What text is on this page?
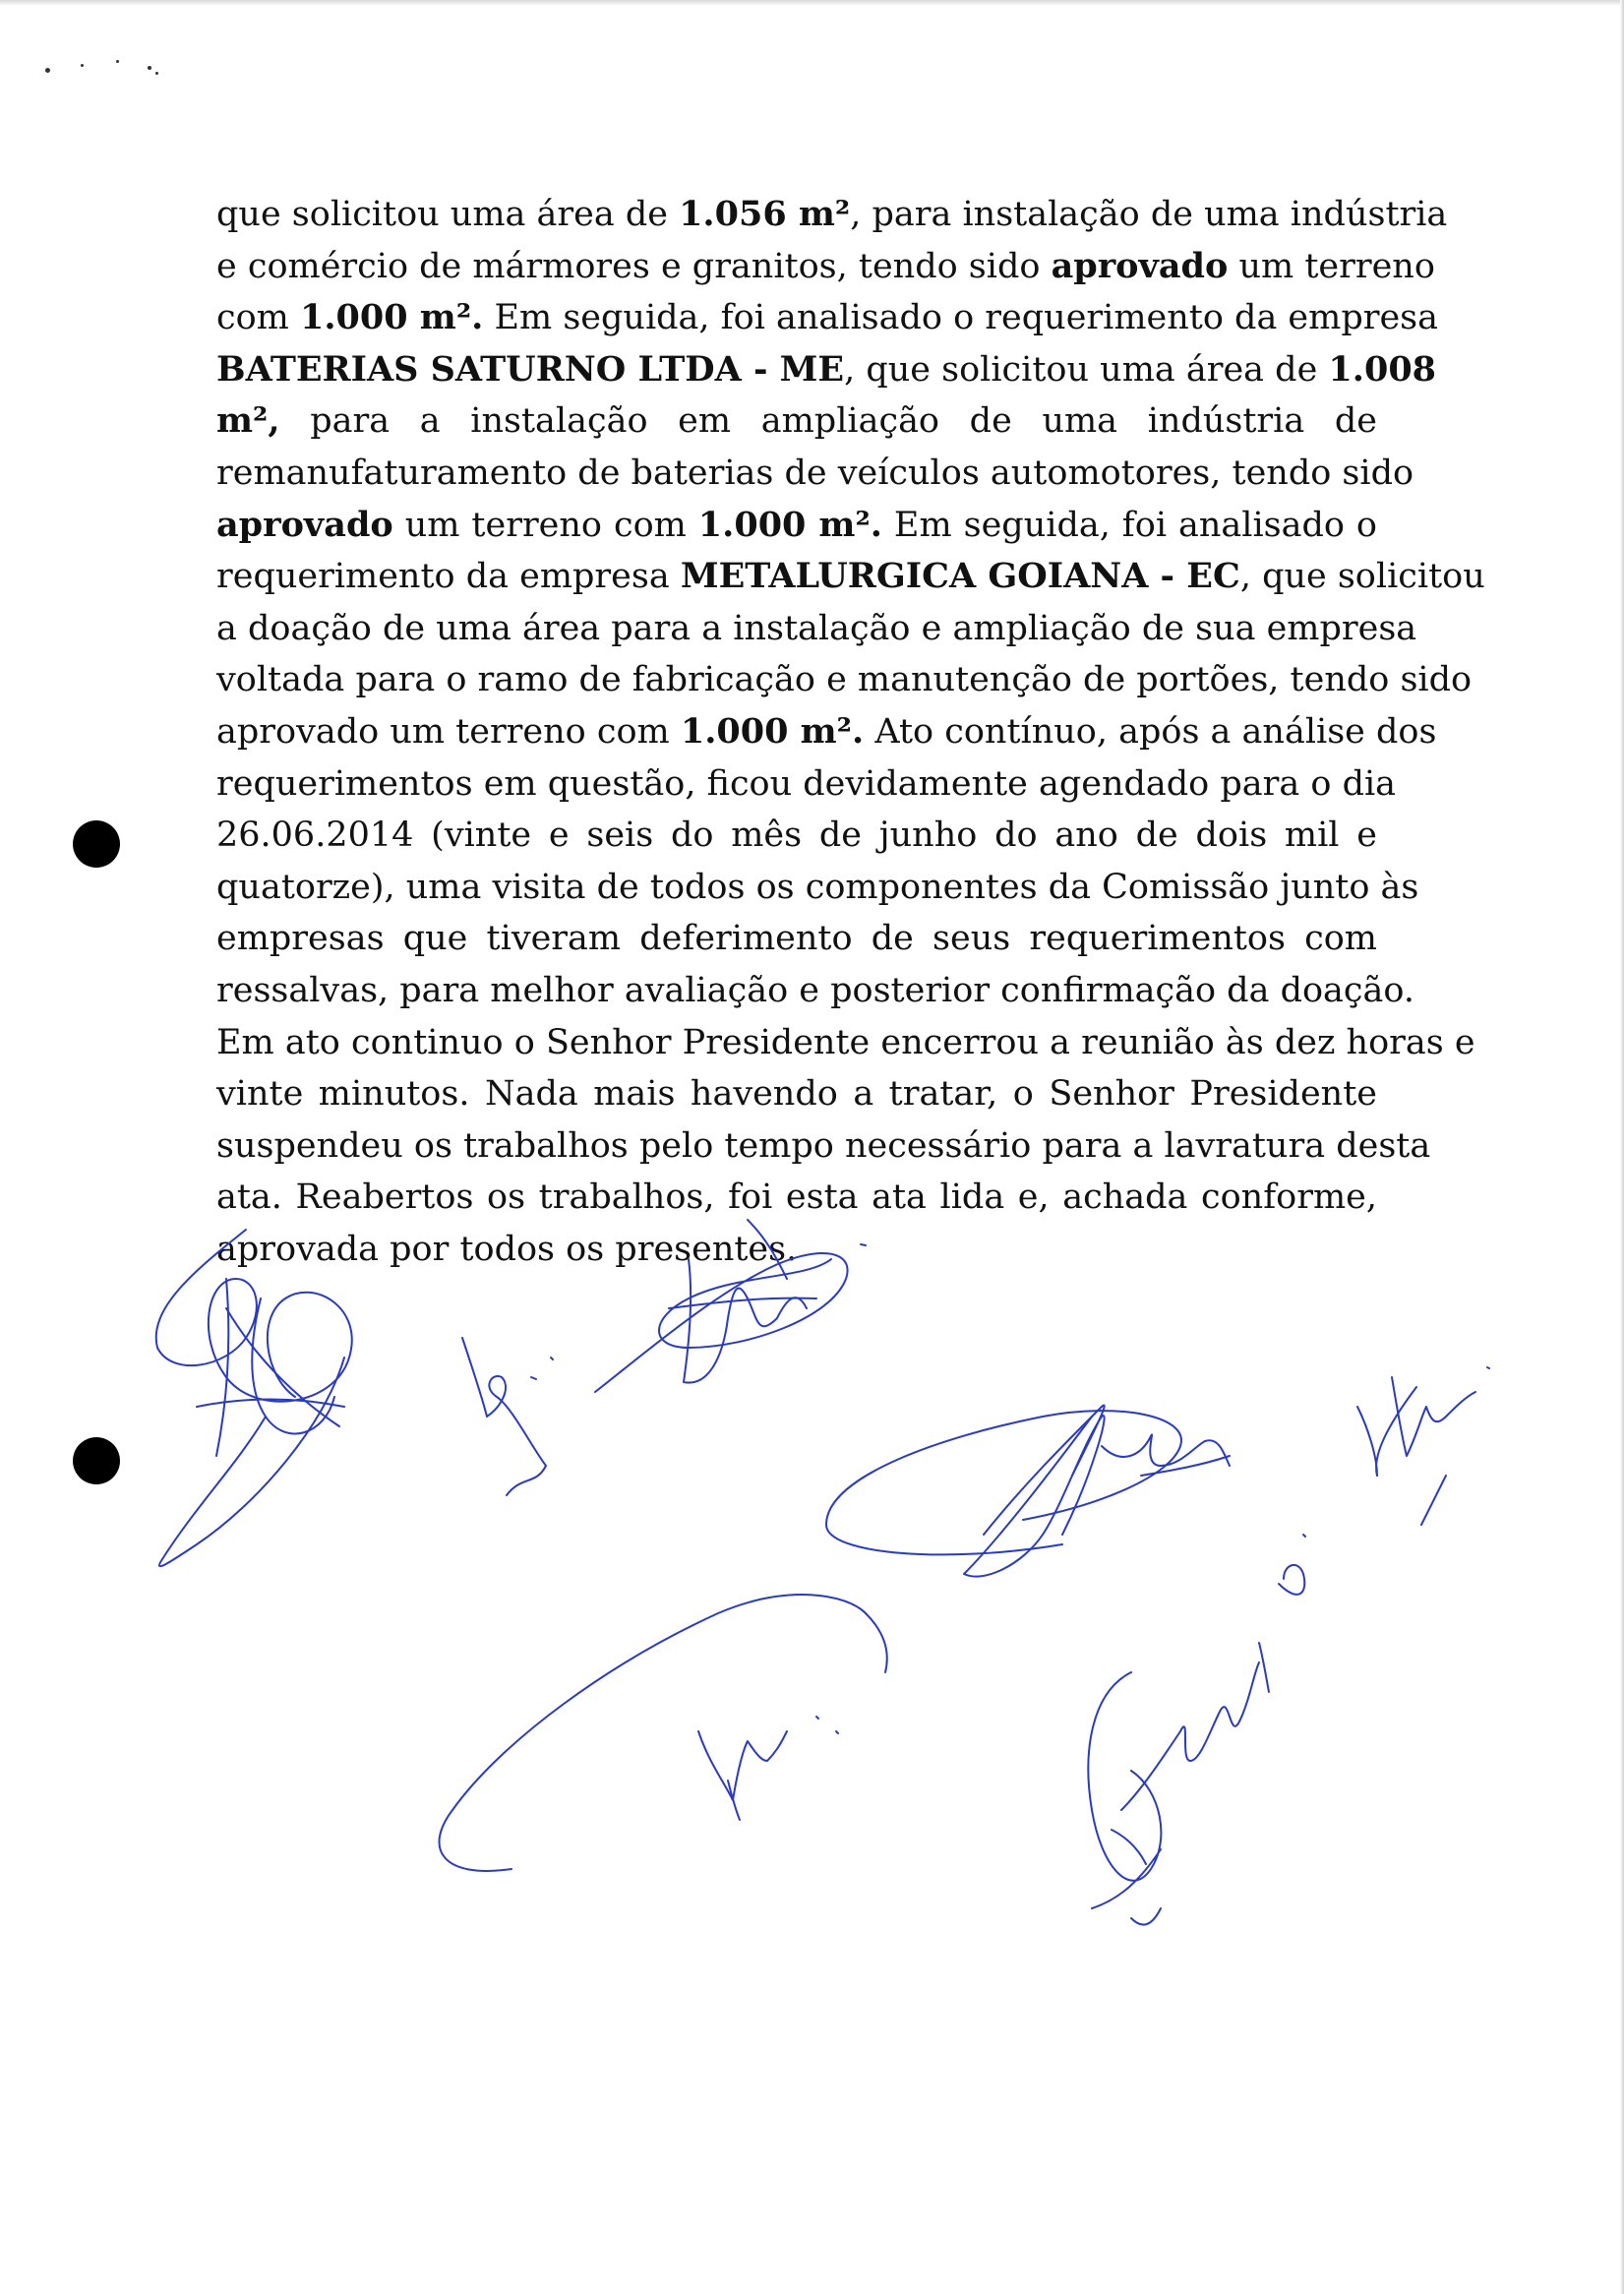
que solicitou uma área de 1.056 m², para instalação de uma indústria
e comércio de mármores e granitos, tendo sido aprovado um terreno
com 1.000 m². Em seguida, foi analisado o requerimento da empresa
BATERIAS SATURNO LTDA - ME, que solicitou uma área de 1.008
m², para a instalação em ampliação de uma indústria de
remanufaturamento de baterias de veículos automotores, tendo sido
aprovado um terreno com 1.000 m². Em seguida, foi analisado o
requerimento da empresa METALURGICA GOIANA - EC, que solicitou
a doação de uma área para a instalação e ampliação de sua empresa
voltada para o ramo de fabricação e manutenção de portões, tendo sido
aprovado um terreno com 1.000 m². Ato contínuo, após a análise dos
requerimentos em questão, ficou devidamente agendado para o dia
26.06.2014 (vinte e seis do mês de junho do ano de dois mil e
quatorze), uma visita de todos os componentes da Comissão junto às
empresas que tiveram deferimento de seus requerimentos com
ressalvas, para melhor avaliação e posterior confirmação da doação.
Em ato continuo o Senhor Presidente encerrou a reunião às dez horas e
vinte minutos. Nada mais havendo a tratar, o Senhor Presidente
suspendeu os trabalhos pelo tempo necessário para a lavratura desta
ata. Reabertos os trabalhos, foi esta ata lida e, achada conforme,
aprovada por todos os presentes.
